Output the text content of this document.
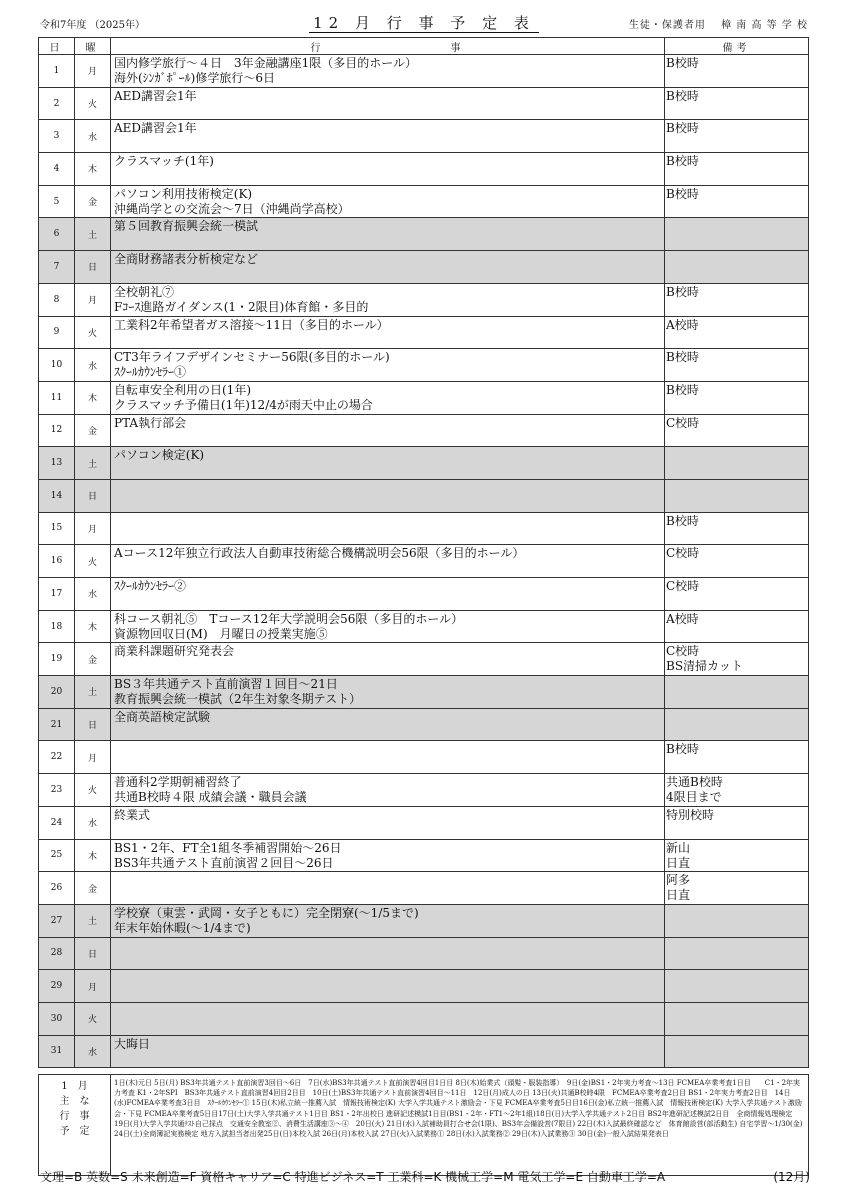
令和7年度 （2025年）	12 月 行 事 予 定 表	生徒・保護者用　 樟 南 高 等 学 校
日	曜	行　　　　　　　　　事	備考
1	月	国内修学旅行～４日　3年金融講座1限（多目的ホール）
海外(ｼﾝｶﾞﾎﾟｰﾙ)修学旅行～6日	B校時

2	火	AED講習会1年	B校時

3	水	AED講習会1年	B校時

4	木	クラスマッチ(1年)	B校時

5	金	パソコン利用技術検定(K)
沖縄尚学との交流会～7日（沖縄尚学高校）	B校時

6	土	第５回教育振興会統一模試	

7	日	全商財務諸表分析検定など	

8	月	全校朝礼⑦
Fｺｰｽ進路ガイダンス(1・2限目)体育館・多目的	B校時

9	火	工業科2年希望者ガス溶接～11日（多目的ホール）	A校時

10	水	CT3年ライフデザインセミナー56限(多目的ホール)
ｽｸｰﾙｶｳﾝｾﾗｰ①	B校時

11	木	自転車安全利用の日(1年)
クラスマッチ予備日(1年)12/4が雨天中止の場合	B校時

12	金	PTA執行部会	C校時

13	土	パソコン検定(K)	

14	日		
15	月		B校時

16	火	Aコース12年独立行政法人自動車技術総合機構説明会56限（多目的ホール）	C校時

17	水	ｽｸｰﾙｶｳﾝｾﾗｰ②	C校時

18	木	科コース朝礼⑤　Tコース12年大学説明会56限（多目的ホール）
資源物回収日(M)　月曜日の授業実施⑤	A校時

19	金	商業科課題研究発表会	C校時
BS清掃カット

20	土	BS３年共通テスト直前演習１回目～21日
教育振興会統一模試（2年生対象冬期テスト）	

21	日	全商英語検定試験	

22	月		B校時

23	火	普通科2学期朝補習終了
共通B校時４限 成績会議・職員会議	共通B校時
4限目まで

24	水	終業式	特別校時

25	木	BS1・2年、FT全1組冬季補習開始～26日
BS3年共通テスト直前演習２回目～26日	新山
日直

26	金		阿多
日直

27	土	学校寮（東雲・武岡・女子ともに）完全閉寮(～1/5まで)
年末年始休暇(～1/4まで)	

28	日		
29	月		
30	火		
31	水	大晦日	

1　月
主　な
行　事
予　定
	1日(木)元日 5日(月) BS3年共通テスト直前演習3回目～6日　7日(水)BS3年共通テスト直前演習4回目1日目 8日(木)始業式（頭髪・服装指導）　9日(金)BS1・2年実力考査～13日 FCMEA卒業考査1日目　　C1・2年実力考査 K1・2年SPI　BS3年共通テスト直前演習4回目2日目　10日(土)BS3年共通テスト直前演習4回目～11日　12日(月)成人の日 13日(火)共通B校時4限　FCMEA卒業考査2日目 BS1・2年実力考査2日目　14日(水)FCMEA卒業考査3日目　ｽｸｰﾙｶｳﾝｾﾗｰ① 15日(木)私立統一推薦入試　情報技術検定(K) 大学入学共通テスト激励会・下見 FCMEA卒業考査5日目16日(金)私立統一推薦入試　情報技術検定(K) 大学入学共通テスト激励会・下見 FCMEA卒業考査5日目17日(土)大学入学共通テスト1日目 BS1・2年出校日 進研記述模試1日目(BS1・2年・FT1～2年1組)18日(日)大学入学共通テスト2日目 BS2年進研記述模試2日目　全商情報処理検定　19日(月)大学入学共通ﾃｽﾄ自己採点　交通安全教室②、消費生活講座③～④　20日(火) 21日(水)入試補助員打合せ会(1限)、BS3年会備設営(7限目) 22日(木)入試最終確認など　体育館設営(部活動生) 自宅学習～1/30(金)　24日(土)全商簿記実務検定 地方入試担当者出発25日(日)本校入試 26日(月)本校入試 27日(火)入試業務① 28日(水)入試業務② 29日(木)入試業務③ 30日(金)一般入試結果発表日
文理=B 英数=S 未来創造=F 資格キャリア=C 特進ビジネス=T 工業科=K 機械工学=M 電気工学=E 自動車工学=A	(12月)
